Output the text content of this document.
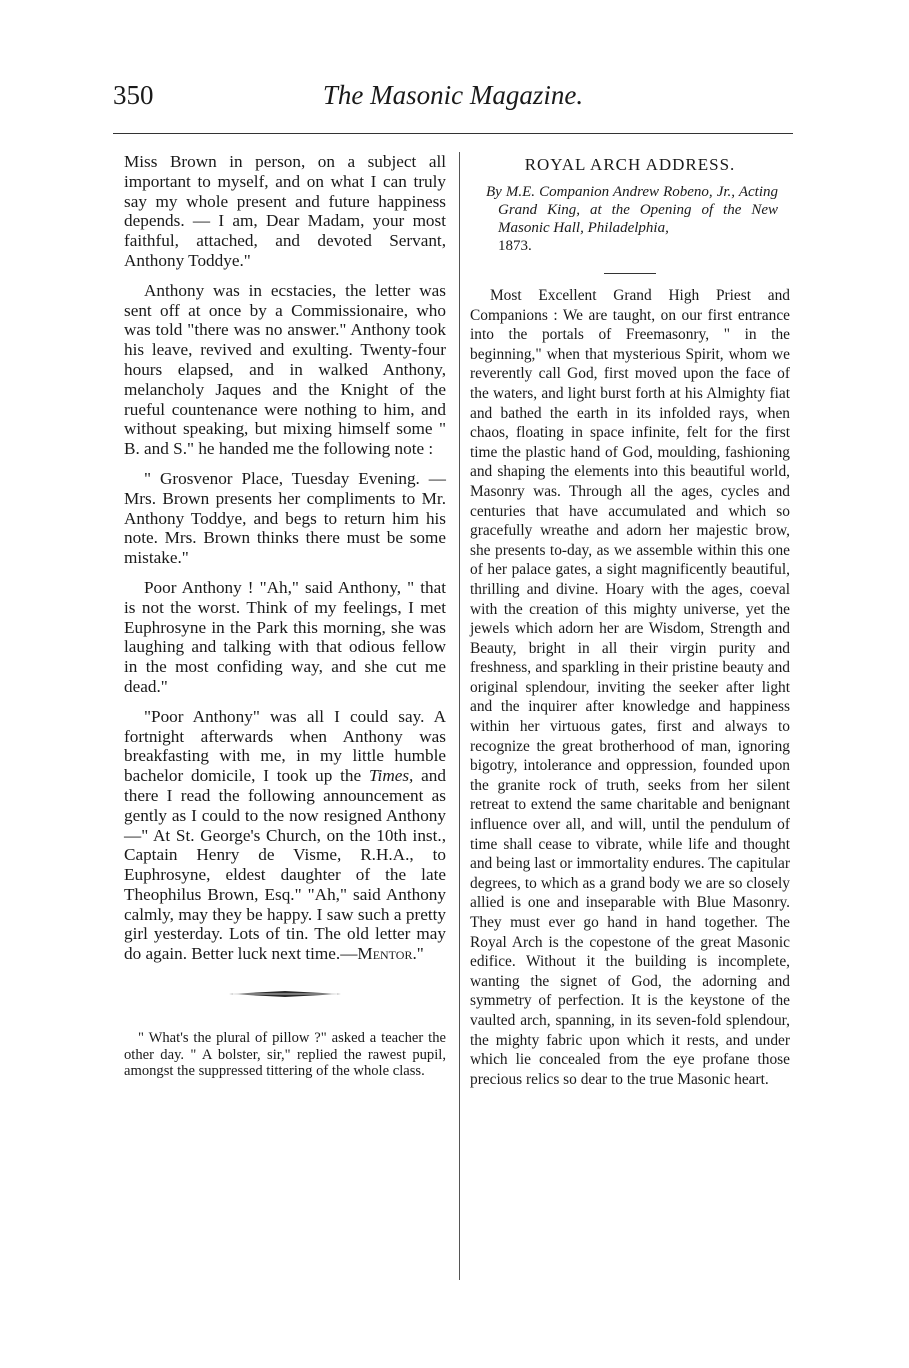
350	The Masonic Magazine.

Miss Brown in person, on a subject all important to myself, and on what I can truly say my whole present and future happiness depends. — I am, Dear Madam, your most faithful, attached, and devoted Servant, Anthony Toddye."

Anthony was in ecstacies, the letter was sent off at once by a Commissionaire, who was told "there was no answer." Anthony took his leave, revived and exulting. Twenty-four hours elapsed, and in walked Anthony, melancholy Jaques and the Knight of the rueful countenance were nothing to him, and without speaking, but mixing himself some " B. and S." he handed me the following note :

" Grosvenor Place, Tuesday Evening. —Mrs. Brown presents her compliments to Mr. Anthony Toddye, and begs to return him his note. Mrs. Brown thinks there must be some mistake."

Poor Anthony ! "Ah," said Anthony, " that is not the worst. Think of my feelings, I met Euphrosyne in the Park this morning, she was laughing and talking with that odious fellow in the most confiding way, and she cut me dead."

"Poor Anthony" was all I could say. A fortnight afterwards when Anthony was breakfasting with me, in my little humble bachelor domicile, I took up the Times, and there I read the following announcement as gently as I could to the now resigned Anthony—" At St. George's Church, on the 10th inst., Captain Henry de Visme, R.H.A., to Euphrosyne, eldest daughter of the late Theophilus Brown, Esq." "Ah," said Anthony calmly, may they be happy. I saw such a pretty girl yesterday. Lots of tin. The old letter may do again. Better luck next time.—Mentor."

" What's the plural of pillow ?" asked a teacher the other day. " A bolster, sir," replied the rawest pupil, amongst the suppressed tittering of the whole class.

ROYAL ARCH ADDRESS.
By M.E. Companion Andrew Robeno, Jr., Acting Grand King, at the Opening of the New Masonic Hall, Philadelphia,
1873.

Most Excellent Grand High Priest and Companions : We are taught, on our first entrance into the portals of Freemasonry, " in the beginning," when that mysterious Spirit, whom we reverently call God, first moved upon the face of the waters, and light burst forth at his Almighty fiat and bathed the earth in its infolded rays, when chaos, floating in space infinite, felt for the first time the plastic hand of God, moulding, fashioning and shaping the elements into this beautiful world, Masonry was. Through all the ages, cycles and centuries that have accumulated and which so gracefully wreathe and adorn her majestic brow, she presents to-day, as we assemble within this one of her palace gates, a sight magnificently beautiful, thrilling and divine. Hoary with the ages, coeval with the creation of this mighty universe, yet the jewels which adorn her are Wisdom, Strength and Beauty, bright in all their virgin purity and freshness, and sparkling in their pristine beauty and original splendour, inviting the seeker after light and the inquirer after knowledge and happiness within her virtuous gates, first and always to recognize the great brotherhood of man, ignoring bigotry, intolerance and oppression, founded upon the granite rock of truth, seeks from her silent retreat to extend the same charitable and benignant influence over all, and will, until the pendulum of time shall cease to vibrate, while life and thought and being last or immortality endures. The capitular degrees, to which as a grand body we are so closely allied is one and inseparable with Blue Masonry. They must ever go hand in hand together. The Royal Arch is the copestone of the great Masonic edifice. Without it the building is incomplete, wanting the signet of God, the adorning and symmetry of perfection. It is the keystone of the vaulted arch, spanning, in its seven-fold splendour, the mighty fabric upon which it rests, and under which lie concealed from the eye profane those precious relics so dear to the true Masonic heart.
